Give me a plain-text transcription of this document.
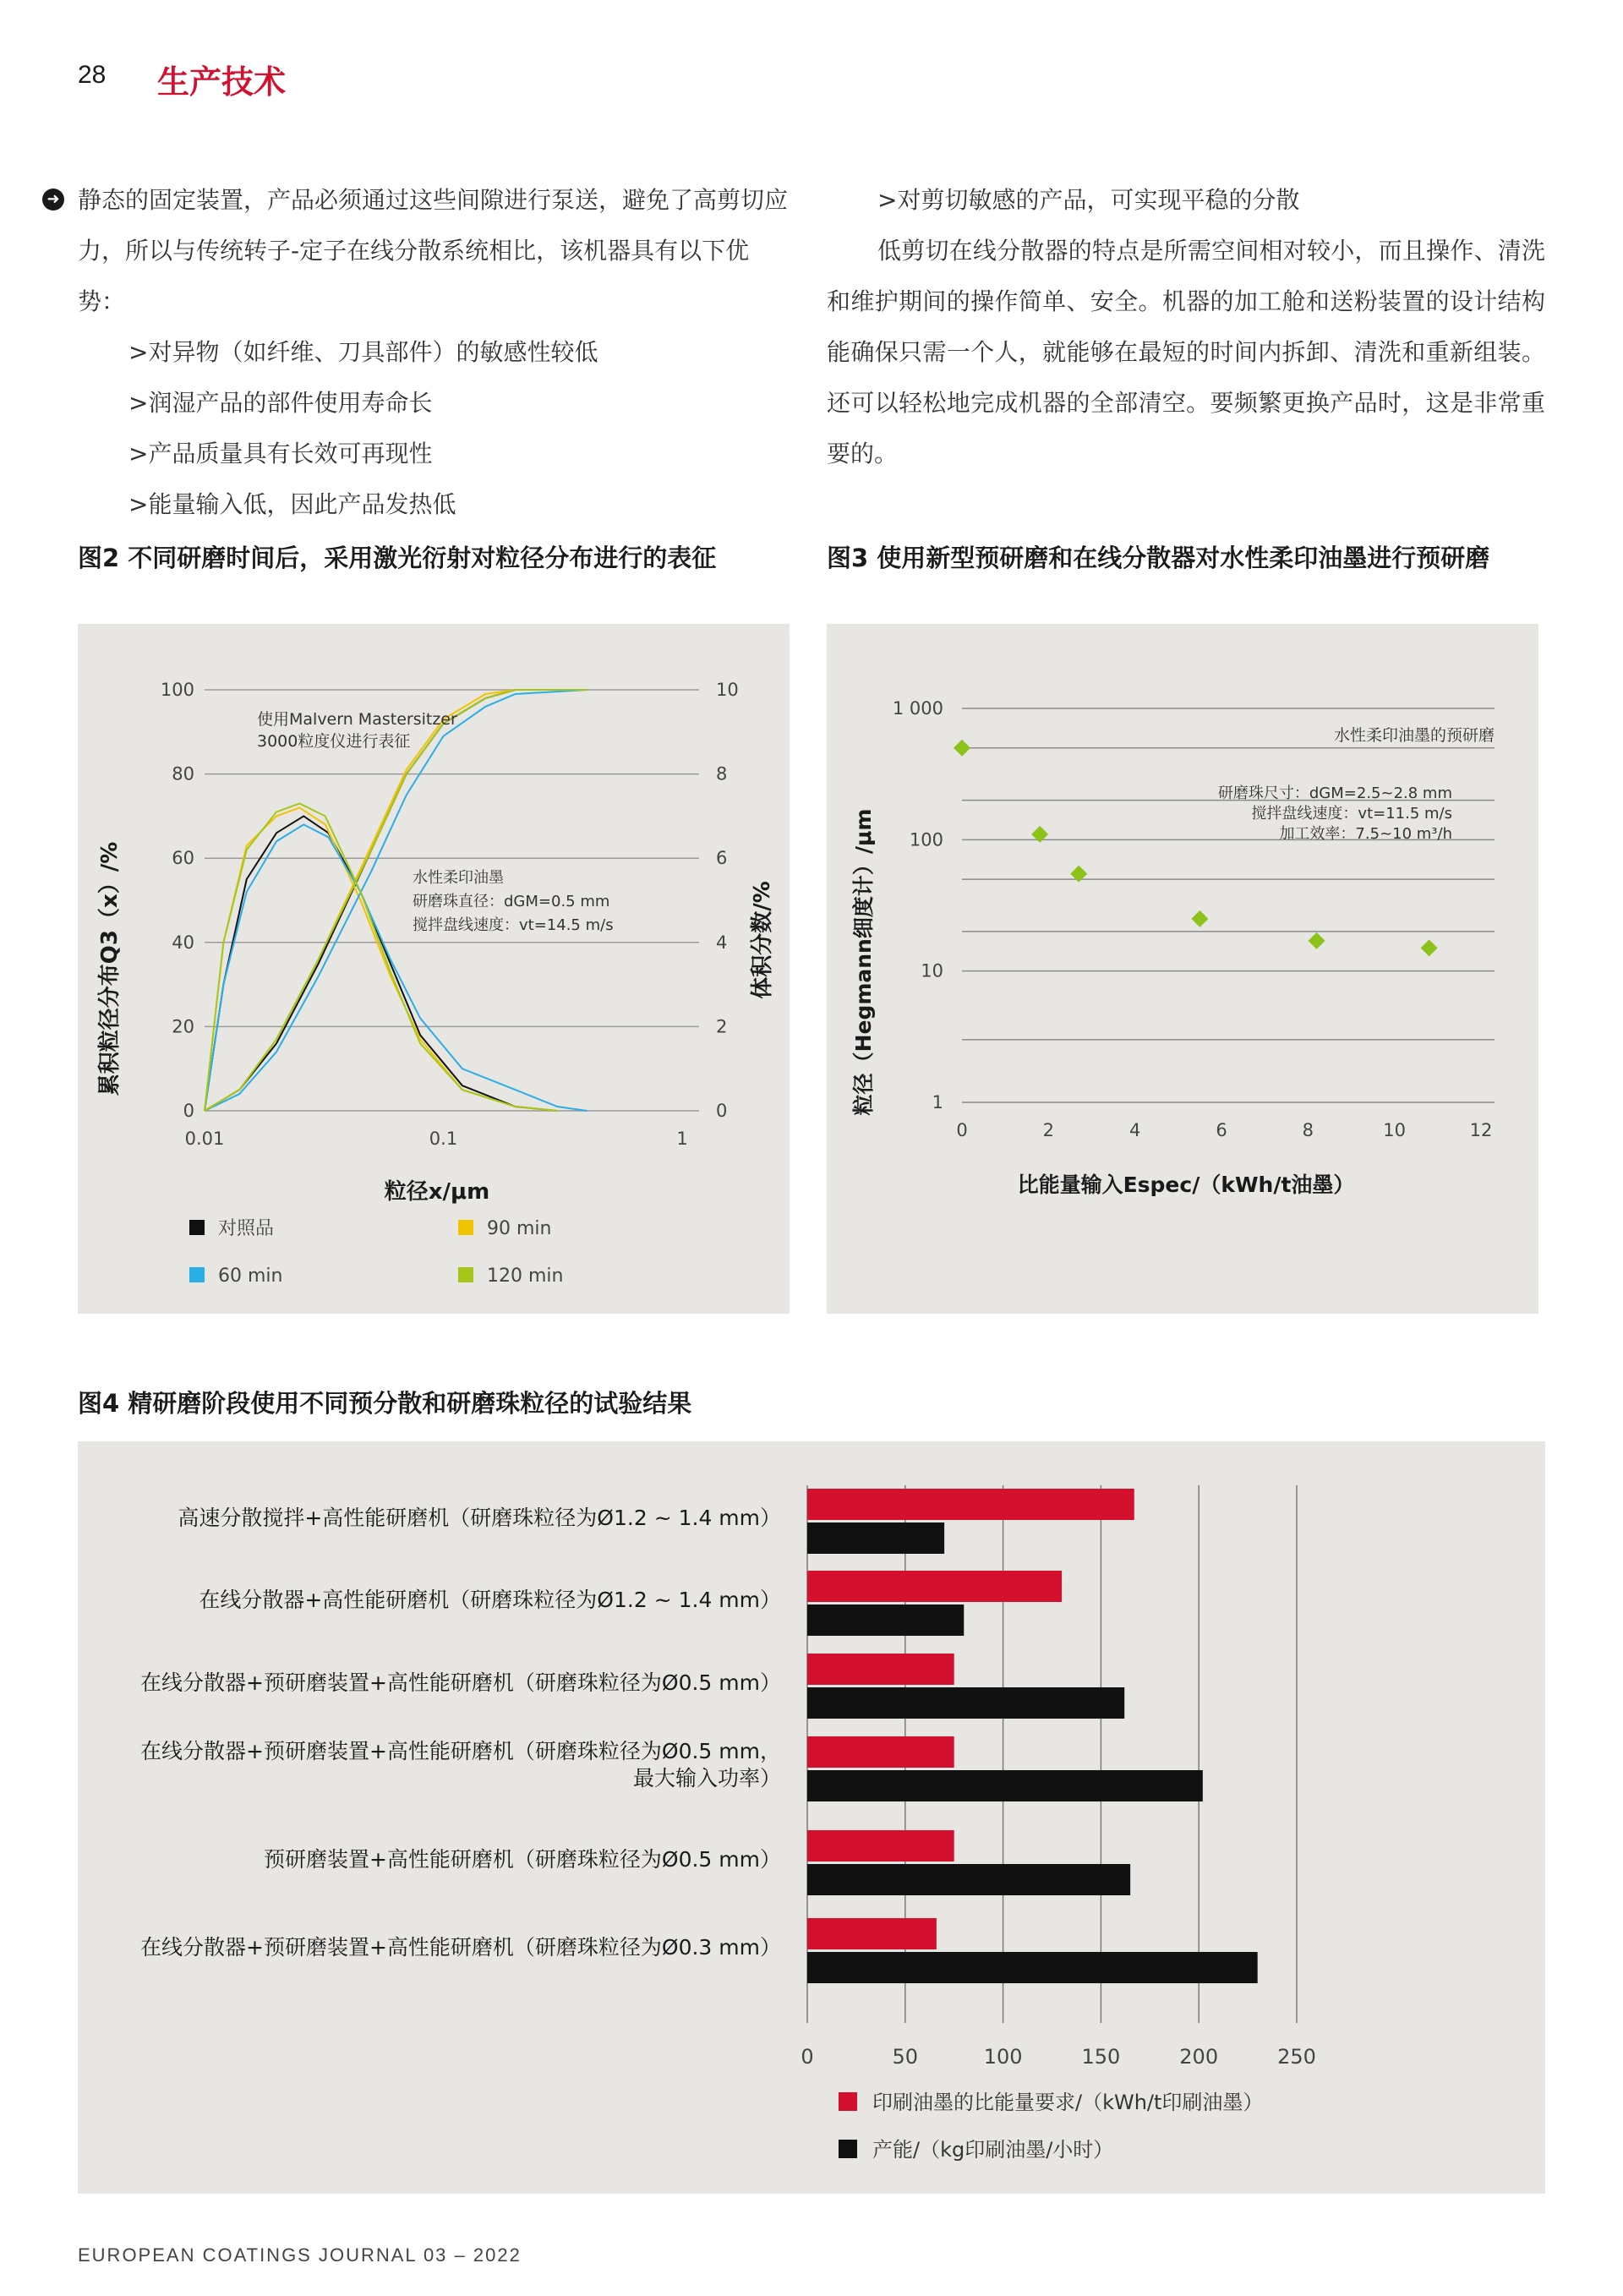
28 生产技术
➜ 静态的固定装置，产品必须通过这些间隙进行泵送，避免了高剪切应
力，所以与传统转子-定子在线分散系统相比，该机器具有以下优势：
>对异物（如纤维、刀具部件）的敏感性较低
>润湿产品的部件使用寿命长
>产品质量具有长效可再现性
>能量输入低，因此产品发热低
>对剪切敏感的产品，可实现平稳的分散
低剪切在线分散器的特点是所需空间相对较小，而且操作、清洗和维护期间的操作简单、安全。机器的加工舱和送粉装置的设计结构能确保只需一个人，就能够在最短的时间内拆卸、清洗和重新组装。还可以轻松地完成机器的全部清空。要频繁更换产品时，这是非常重要的。
图2 不同研磨时间后，采用激光衍射对粒径分布进行的表征	图3 使用新型预研磨和在线分散器对水性柔印油墨进行预研磨
图4 精研磨阶段使用不同预分散和研磨珠粒径的试验结果
0
20
40
60
80
100
0
2
4
6
8
10
0.01	0.1	1
使用Malvern Mastersitzer
3000粒度仪进行表征
水性柔印油墨
研磨珠直径：dGM=0.5 mm
搅拌盘线速度：vt=14.5 m/s
累积粒径分布Q3（x）/%	体积分数/%
粒径x/μm
对照品	90 min
60 min	120 min
1
10
100
1 000
0	2	4	6	8	10	12
水性柔印油墨的预研磨
研磨珠尺寸：dGM=2.5~2.8 mm
搅拌盘线速度：vt=11.5 m/s
加工效率：7.5~10 m³/h
粒径（Hegmann细度计）/μm
比能量输入Espec/（kWh/t油墨）
高速分散搅拌+高性能研磨机（研磨珠粒径为Ø1.2 ~ 1.4 mm）
在线分散器+高性能研磨机（研磨珠粒径为Ø1.2 ~ 1.4 mm）
在线分散器+预研磨装置+高性能研磨机（研磨珠粒径为Ø0.5 mm）
在线分散器+预研磨装置+高性能研磨机（研磨珠粒径为Ø0.5 mm，
最大输入功率）
预研磨装置+高性能研磨机（研磨珠粒径为Ø0.5 mm）
在线分散器+预研磨装置+高性能研磨机（研磨珠粒径为Ø0.3 mm）
0	50	100	150	200	250
印刷油墨的比能量要求/（kWh/t印刷油墨）
产能/（kg印刷油墨/小时）
EUROPEAN COATINGS JOURNAL 03 – 2022
